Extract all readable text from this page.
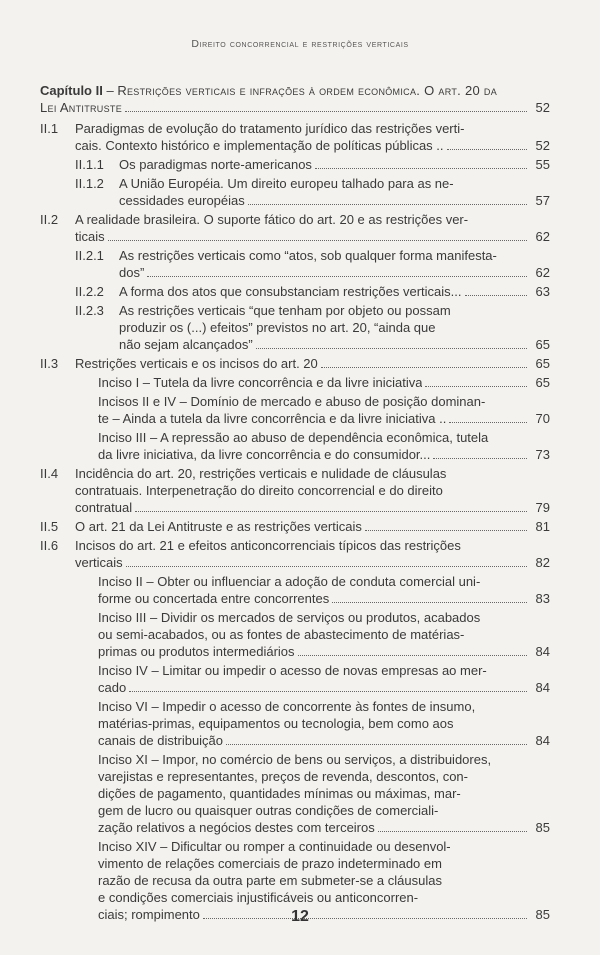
Direito concorrencial e restrições verticais
Capítulo II – Restrições verticais e infrações à ordem econômica. O art. 20 da
Lei Antitruste	52
II.1	Paradigmas de evolução do tratamento jurídico das restrições verti-
cais. Contexto histórico e implementação de políticas públicas ..	52
II.1.1	Os paradigmas norte-americanos	55
II.1.2	A União Européia. Um direito europeu talhado para as ne-
cessidades européias	57
II.2	A realidade brasileira. O suporte fático do art. 20 e as restrições ver-
ticais	62
II.2.1	As restrições verticais como “atos, sob qualquer forma manifesta-
dos”	62
II.2.2	A forma dos atos que consubstanciam restrições verticais...	63
II.2.3	As restrições verticais “que tenham por objeto ou possam
produzir os (...) efeitos” previstos no art. 20, “ainda que
não sejam alcançados”	65
II.3	Restrições verticais e os incisos do art. 20	65
Inciso I – Tutela da livre concorrência e da livre iniciativa	65
Incisos II e IV – Domínio de mercado e abuso de posição dominan-
te – Ainda a tutela da livre concorrência e da livre iniciativa ..	70
Inciso III – A repressão ao abuso de dependência econômica, tutela
da livre iniciativa, da livre concorrência e do consumidor...	73
II.4	Incidência do art. 20, restrições verticais e nulidade de cláusulas
contratuais. Interpenetração do direito concorrencial e do direito
contratual	79
II.5	O art. 21 da Lei Antitruste e as restrições verticais	81
II.6	Incisos do art. 21 e efeitos anticoncorrenciais típicos das restrições
verticais	82
Inciso II – Obter ou influenciar a adoção de conduta comercial uni-
forme ou concertada entre concorrentes	83
Inciso III – Dividir os mercados de serviços ou produtos, acabados
ou semi-acabados, ou as fontes de abastecimento de matérias-
primas ou produtos intermediários	84
Inciso IV – Limitar ou impedir o acesso de novas empresas ao mer-
cado	84
Inciso VI – Impedir o acesso de concorrente às fontes de insumo,
matérias-primas, equipamentos ou tecnologia, bem como aos
canais de distribuição	84
Inciso XI – Impor, no comércio de bens ou serviços, a distribuidores,
varejistas e representantes, preços de revenda, descontos, con-
dições de pagamento, quantidades mínimas ou máximas, mar-
gem de lucro ou quaisquer outras condições de comerciali-
zação relativos a negócios destes com terceiros	85
Inciso XIV – Dificultar ou romper a continuidade ou desenvol-
vimento de relações comerciais de prazo indeterminado em
razão de recusa da outra parte em submeter-se a cláusulas
e condições comerciais injustificáveis ou anticoncorren-
ciais; rompimento	85
12
